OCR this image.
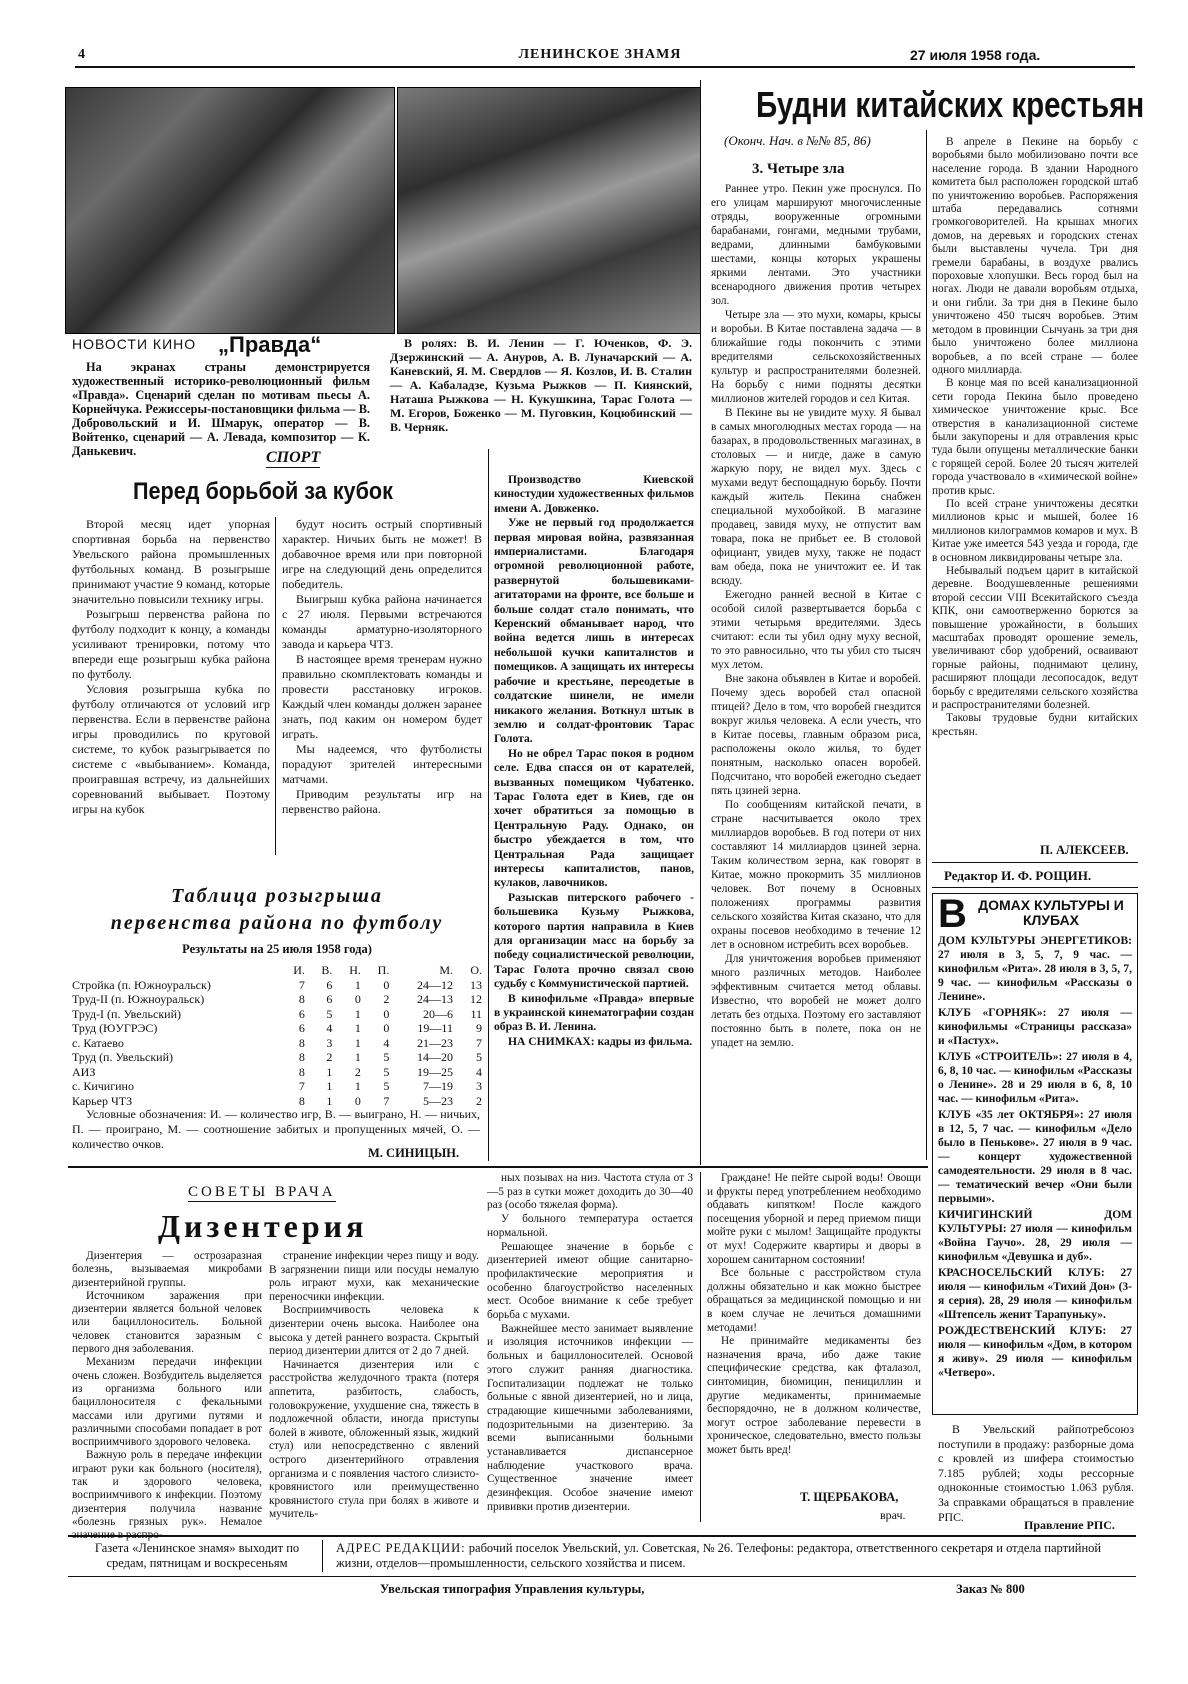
4	ЛЕНИНСКОЕ ЗНАМЯ	27 июля 1958 года.
НОВОСТИ КИНО „Правда“

На экранах страны демонстрируется художественный историко-революционный фильм «Правда». Сценарий сделан по мотивам пьесы А. Корнейчука. Режиссеры-постановщики фильма — В. Добровольский и И. Шмарук, оператор — В. Войтенко, сценарий — А. Левада, композитор — К. Данькевич.

В ролях: В. И. Ленин — Г. Юченков, Ф. Э. Дзержинский — А. Ануров, А. В. Луначарский — А. Каневский, Я. М. Свердлов — Я. Козлов, И. В. Сталин — А. Кабаладзе, Кузьма Рыжков — П. Киянский, Наташа Рыжкова — Н. Кукушкина, Тарас Голота — М. Егоров, Боженко — М. Пуговкин, Коцюбинский — В. Черняк.

Производство Киевской киностудии художественных фильмов имени А. Довженко.

Уже не первый год продолжается первая мировая война, развязанная империалистами. Благодаря огромной революционной работе, развернутой большевиками-агитаторами на фронте, все больше и больше солдат стало понимать, что Керенский обманывает народ, что война ведется лишь в интересах небольшой кучки капиталистов и помещиков. А защищать их интересы рабочие и крестьяне, переодетые в солдатские шинели, не имели никакого желания. Воткнул штык в землю и солдат-фронтовик Тарас Голота.

Но не обрел Тарас покоя в родном селе. Едва спасся он от карателей, вызванных помещиком Чубатенко. Тарас Голота едет в Киев, где он хочет обратиться за помощью в Центральную Раду. Однако, он быстро убеждается в том, что Центральная Рада защищает интересы капиталистов, панов, кулаков, лавочников.

Разыскав питерского рабочего - большевика Кузьму Рыжкова, которого партия направила в Киев для организации масс на борьбу за победу социалистической революции, Тарас Голота прочно связал свою судьбу с Коммунистической партией.

В кинофильме «Правда» впервые в украинской кинематографии создан образ В. И. Ленина.

НА СНИМКАХ: кадры из фильма.

СПОРТ
Перед борьбой за кубок

Второй месяц идет упорная спортивная борьба на первенство Увельского района промышленных футбольных команд. В розыгрыше принимают участие 9 команд, которые значительно повысили технику игры.

Розыгрыш первенства района по футболу подходит к концу, а команды усиливают тренировки, потому что впереди еще розыгрыш кубка района по футболу.

Условия розыгрыша кубка по футболу отличаются от условий игр первенства. Если в первенстве района игры проводились по круговой системе, то кубок разыгрывается по системе с «выбыванием». Команда, проигравшая встречу, из дальнейших соревнований выбывает. Поэтому игры на кубок

будут носить острый спортивный характер. Ничьих быть не может! В добавочное время или при повторной игре на следующий день определится победитель.

Выигрыш кубка района начинается с 27 июля. Первыми встречаются команды арматурно-изоляторного завода и карьера ЧТЗ.

В настоящее время тренерам нужно правильно скомплектовать команды и провести расстановку игроков. Каждый член команды должен заранее знать, под каким он номером будет играть.

Мы надеемся, что футболисты порадуют зрителей интересными матчами.

Приводим результаты игр на первенство района.

Таблица розыгрыша
первенства района по футболу
Результаты на 25 июля 1958 года)
	И.	В.	Н.	П.	М.	О.
Стройка (п. Южноуральск)	7	6	1	0	24—12	13
Труд-II (п. Южноуральск)	8	6	0	2	24—13	12
Труд-I (п. Увельский)	6	5	1	0	20—6	11
Труд (ЮУГРЭС)	6	4	1	0	19—11	9
с. Катаево	8	3	1	4	21—23	7
Труд (п. Увельский)	8	2	1	5	14—20	5
АИЗ	8	1	2	5	19—25	4
с. Кичигино	7	1	1	5	7—19	3
Карьер ЧТЗ	8	1	0	7	5—23	2

Условные обозначения: И. — количество игр, В. — выиграно, Н. — ничьих, П. — проиграно, М. — соотношение забитых и пропущенных мячей, О. — количество очков.

М. СИНИЦЫН.
Будни китайских крестьян
(Оконч. Нач. в №№ 85, 86)
3. Четыре зла

Раннее утро. Пекин уже проснулся. По его улицам маршируют многочисленные отряды, вооруженные огромными барабанами, гонгами, медными трубами, ведрами, длинными бамбуковыми шестами, концы которых украшены яркими лентами. Это участники всенародного движения против четырех зол.

Четыре зла — это мухи, комары, крысы и воробьи. В Китае поставлена задача — в ближайшие годы покончить с этими вредителями сельскохозяйственных культур и распространителями болезней. На борьбу с ними подняты десятки миллионов жителей городов и сел Китая.

В Пекине вы не увидите муху. Я бывал в самых многолюдных местах города — на базарах, в продовольственных магазинах, в столовых — и нигде, даже в самую жаркую пору, не видел мух. Здесь с мухами ведут беспощадную борьбу. Почти каждый житель Пекина снабжен специальной мухобойкой. В магазине продавец, завидя муху, не отпустит вам товара, пока не прибьет ее. В столовой официант, увидев муху, также не подаст вам обеда, пока не уничтожит ее. И так всюду.

Ежегодно ранней весной в Китае с особой силой развертывается борьба с этими четырьмя вредителями. Здесь считают: если ты убил одну муху весной, то это равносильно, что ты убил сто тысяч мух летом.

Вне закона объявлен в Китае и воробей. Почему здесь воробей стал опасной птицей? Дело в том, что воробей гнездится вокруг жилья человека. А если учесть, что в Китае посевы, главным образом риса, расположены около жилья, то будет понятным, насколько опасен воробей. Подсчитано, что воробей ежегодно съедает пять цзиней зерна.

По сообщениям китайской печати, в стране насчитывается около трех миллиардов воробьев. В год потери от них составляют 14 миллиардов цзиней зерна. Таким количеством зерна, как говорят в Китае, можно прокормить 35 миллионов человек. Вот почему в Основных положениях программы развития сельского хозяйства Китая сказано, что для охраны посевов необходимо в течение 12 лет в основном истребить всех воробьев.

Для уничтожения воробьев применяют много различных методов. Наиболее эффективным считается метод облавы. Известно, что воробей не может долго летать без отдыха. Поэтому его заставляют постоянно быть в полете, пока он не упадет на землю.

В апреле в Пекине на борьбу с воробьями было мобилизовано почти все население города. В здании Народного комитета был расположен городской штаб по уничтожению воробьев. Распоряжения штаба передавались сотнями громкоговорителей. На крышах многих домов, на деревьях и городских стенах были выставлены чучела. Три дня гремели барабаны, в воздухе рвались пороховые хлопушки. Весь город был на ногах. Люди не давали воробьям отдыха, и они гибли. За три дня в Пекине было уничтожено 450 тысяч воробьев. Этим методом в провинции Сычуань за три дня было уничтожено более миллиона воробьев, а по всей стране — более одного миллиарда.

В конце мая по всей канализационной сети города Пекина было проведено химическое уничтожение крыс. Все отверстия в канализационной системе были закупорены и для отравления крыс туда были опущены металлические банки с горящей серой. Более 20 тысяч жителей города участвовало в «химической войне» против крыс.

По всей стране уничтожены десятки миллионов крыс и мышей, более 16 миллионов килограммов комаров и мух. В Китае уже имеется 543 уезда и города, где в основном ликвидированы четыре зла.

Небывалый подъем царит в китайской деревне. Воодушевленные решениями второй сессии VIII Всекитайского съезда КПК, они самоотверженно борются за повышение урожайности, в больших масштабах проводят орошение земель, увеличивают сбор удобрений, осваивают горные районы, поднимают целину, расширяют площади лесопосадок, ведут борьбу с вредителями сельского хозяйства и распространителями болезней.

Таковы трудовые будни китайских крестьян.

П. АЛЕКСЕЕВ.
Редактор И. Ф. РОЩИН.
В ДОМАХ КУЛЬТУРЫ И КЛУБАХ

ДОМ КУЛЬТУРЫ ЭНЕРГЕТИКОВ: 27 июля в 3, 5, 7, 9 час. — кинофильм «Рита». 28 июля в 3, 5, 7, 9 час. — кинофильм «Рассказы о Ленине».

КЛУБ «ГОРНЯК»: 27 июля — кинофильмы «Страницы рассказа» и «Пастух».

КЛУБ «СТРОИТЕЛЬ»: 27 июля в 4, 6, 8, 10 час. — кинофильм «Рассказы о Ленине». 28 и 29 июля в 6, 8, 10 час. — кинофильм «Рита».

КЛУБ «35 лет ОКТЯБРЯ»: 27 июля в 12, 5, 7 час. — кинофильм «Дело было в Пенькове». 27 июля в 9 час. — концерт художественной самодеятельности. 29 июля в 8 час. — тематический вечер «Они были первыми».

КИЧИГИНСКИЙ ДОМ КУЛЬТУРЫ: 27 июля — кинофильм «Война Гаучо». 28, 29 июля — кинофильм «Девушка и дуб».

КРАСНОСЕЛЬСКИЙ КЛУБ: 27 июля — кинофильм «Тихий Дон» (3-я серия). 28, 29 июля — кинофильм «Штепсель женит Тарапуньку».

РОЖДЕСТВЕНСКИЙ КЛУБ: 27 июля — кинофильм «Дом, в котором я живу». 29 июля — кинофильм «Четверо».

В Увельский райпотребсоюз поступили в продажу: разборные дома с кровлей из шифера стоимостью 7.185 рублей; ходы рессорные одноконные стоимостью 1.063 рубля. За справками обращаться в правление РПС.

Правление РПС.
СОВЕТЫ ВРАЧА
Дизентерия

Дизентерия — острозаразная болезнь, вызываемая микробами дизентерийной группы.

Источником заражения при дизентерии является больной человек или бациллоноситель. Больной человек становится заразным с первого дня заболевания.

Механизм передачи инфекции очень сложен. Возбудитель выделяется из организма больного или бациллоносителя с фекальными массами или другими путями и различными способами попадает в рот восприимчивого здорового человека.

Важную роль в передаче инфекции играют руки как больного (носителя), так и здорового человека, восприимчивого к инфекции. Поэтому дизентерия получила название «болезнь грязных рук». Немалое

странение инфекции через пищу и воду. В загрязнении пищи или посуды немалую роль играют мухи, как механические переносчики инфекции.

Восприимчивость человека к дизентерии очень высока. Наиболее она высока у детей раннего возраста. Скрытый период дизентерии длится от 2 до 7 дней.

Начинается дизентерия или с расстройства желудочного тракта (потеря аппетита, разбитость, слабость, головокружение, ухудшение сна, тяжесть в подложечной области, иногда приступы болей в животе, обложенный язык, жидкий стул) или непосредственно с явлений острого дизентерийного отравления организма и с появления частого слизисто-кровянистого или преимущественно кровянистого стула при болях в животе и мучитель-

ных позывах на низ. Частота стула от 3—5 раз в сутки может доходить до 30—40 раз (особо тяжелая форма).

У больного температура остается нормальной.

Решающее значение в борьбе с дизентерией имеют общие санитарно-профилактические мероприятия и особенно благоустройство населенных мест. Особое внимание к себе требует борьба с мухами.

Важнейшее место занимает выявление и изоляция источников инфекции — больных и бациллоносителей. Основой этого служит ранняя диагностика. Госпитализации подлежат не только больные с явной дизентерией, но и лица, страдающие кишечными заболеваниями, подозрительными на дизентерию. За всеми выписанными больными устанавливается диспансерное наблюдение участкового врача. Существенное значение имеет дезинфекция. Особое значение имеют прививки против дизентерии.

Граждане! Не пейте сырой воды! Овощи и фрукты перед употреблением необходимо обдавать кипятком! После каждого посещения уборной и перед приемом пищи мойте руки с мылом! Защищайте продукты от мух! Содержите квартиры и дворы в хорошем санитарном состоянии!

Все больные с расстройством стула должны обязательно и как можно быстрее обращаться за медицинской помощью и ни в коем случае не лечиться домашними методами!

Не принимайте медикаменты без назначения врача, ибо даже такие специфические средства, как фталазол, синтомицин, биомицин, пенициллин и другие медикаменты, принимаемые беспорядочно, не в должном количестве, могут острое заболевание перевести в хроническое, следовательно, вместо пользы может быть вред!

Т. ЩЕРБАКОВА,
врач.
Газета «Ленинское знамя» выходит по средам, пятницам и воскресеньям
АДРЕС РЕДАКЦИИ: рабочий поселок Увельский, ул. Советская, № 26. Телефоны: редактора, ответственного секретаря и отдела партийной жизни, отделов—промышленности, сельского хозяйства и писем.
Увельская типография Управления культуры,	Заказ № 800
